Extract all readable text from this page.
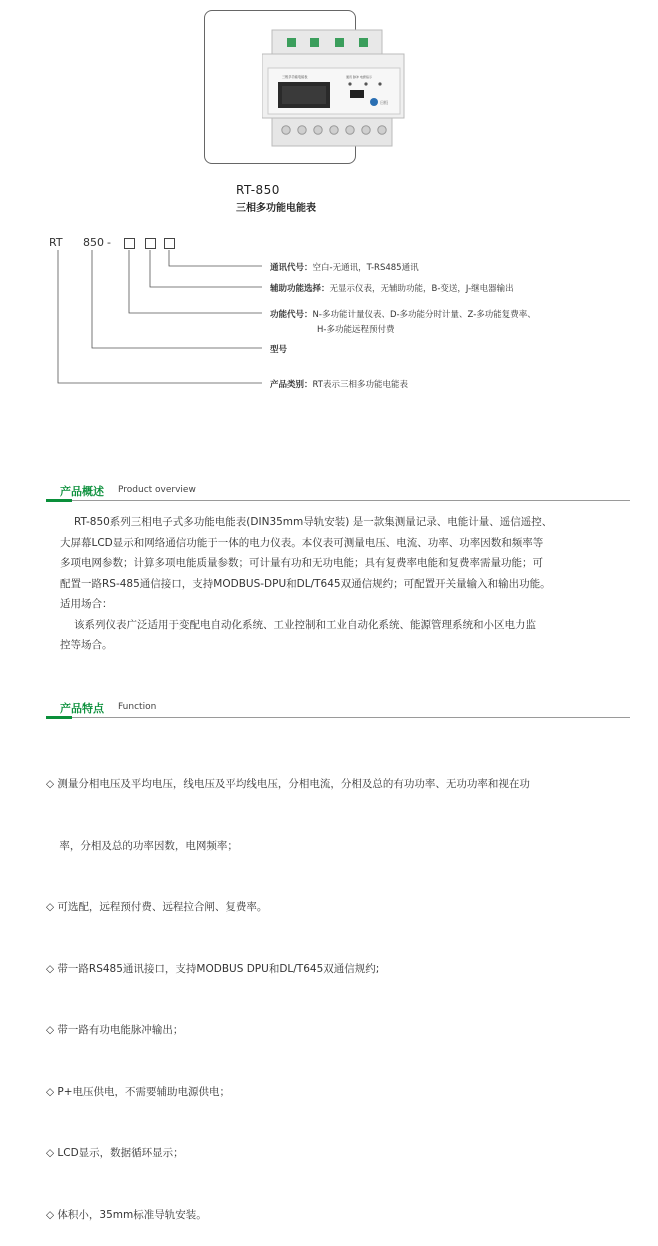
三相多功能电能表	通讯 脉冲 电源指示
日恒
RT-850
三相多功能电能表
RT 850 -
通讯代号：空白-无通讯，T-RS485通讯
辅助功能选择：无显示仪表，无辅助功能，B-变送，J-继电器输出
功能代号：N-多功能计量仪表、D-多功能分时计量、Z-多功能复费率、
H-多功能远程预付费
型号
产品类别：RT表示三相多功能电能表
产品概述 Product overview
RT-850系列三相电子式多功能电能表(DIN35mm导轨安装) 是一款集测量记录、电能计量、遥信遥控、
大屏幕LCD显示和网络通信功能于一体的电力仪表。本仪表可测量电压、电流、功率、功率因数和频率等
多项电网参数；计算多项电能质量参数；可计量有功和无功电能；具有复费率电能和复费率需量功能；可
配置一路RS-485通信接口，支持MODBUS-DPU和DL/T645双通信规约；可配置开关量输入和输出功能。
适用场合：
该系列仪表广泛适用于变配电自动化系统、工业控制和工业自动化系统、能源管理系统和小区电力监
控等场合。
产品特点 Function

◇ 测量分相电压及平均电压，线电压及平均线电压，分相电流，分相及总的有功功率、无功功率和视在功

率，分相及总的功率因数，电网频率；

◇ 可选配，远程预付费、远程拉合闸、复费率。

◇ 带一路RS485通讯接口，支持MODBUS DPU和DL/T645双通信规约;

◇ 带一路有功电能脉冲输出；

◇ P+电压供电，不需要辅助电源供电；

◇ LCD显示，数据循环显示；

◇ 体积小，35mm标准导轨安装。
